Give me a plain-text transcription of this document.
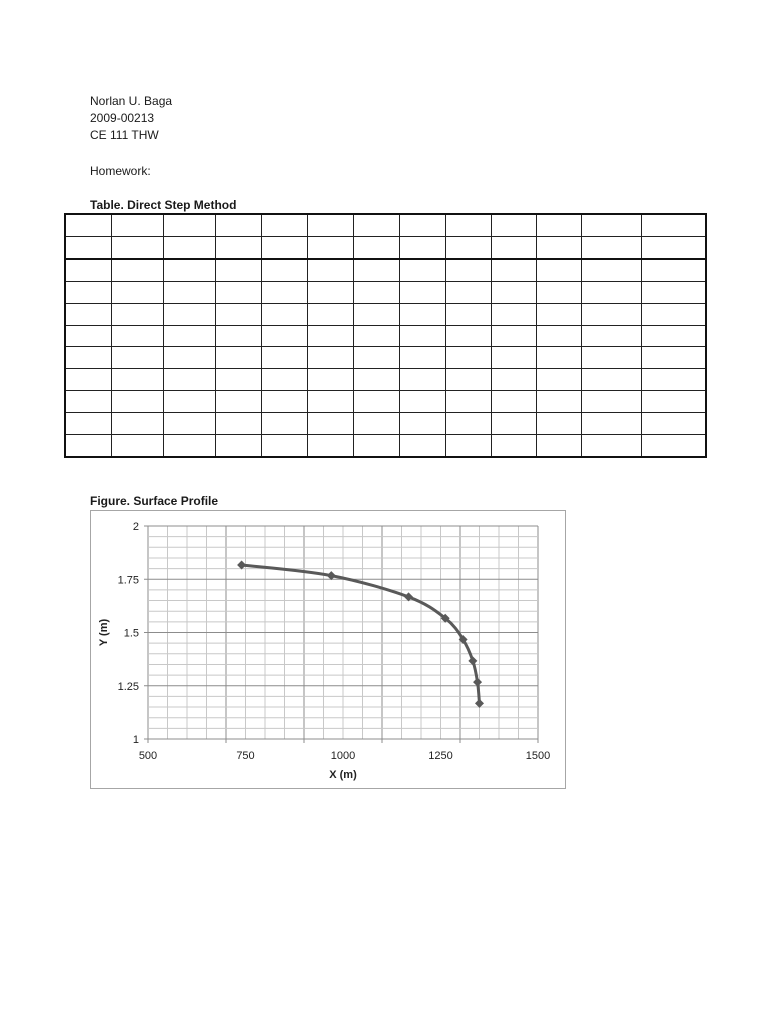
Norlan U. Baga
2009-00213
CE 111 THW
Homework:
Table. Direct Step Method

Figure. Surface Profile
500	750	1000	1250	1500
1
1.25
1.5
1.75
2
X (m)
Y (m)
